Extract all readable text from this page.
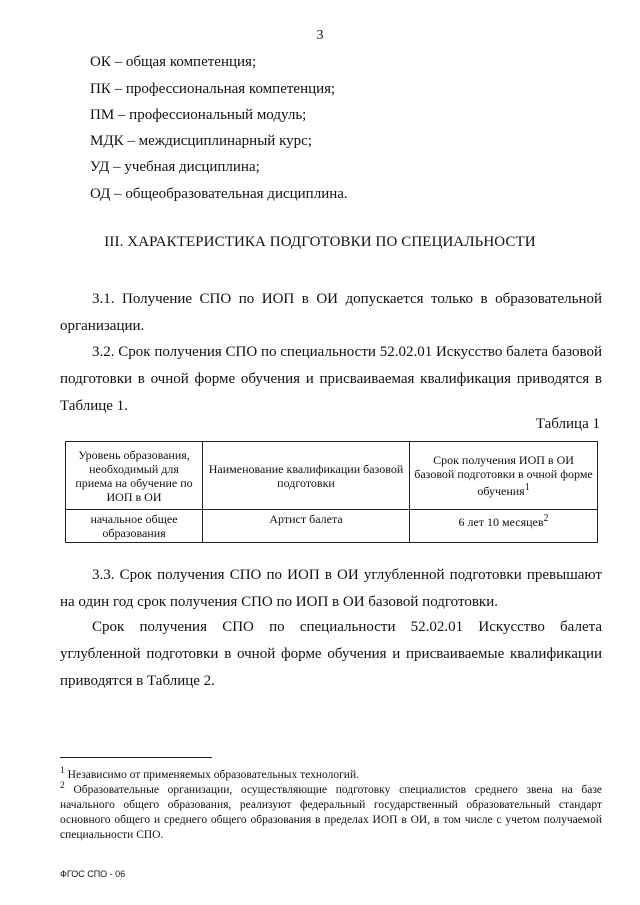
3
ОК – общая компетенция;
ПК – профессиональная компетенция;
ПМ – профессиональный модуль;
МДК – междисциплинарный курс;
УД – учебная дисциплина;
ОД – общеобразовательная дисциплина.
III. ХАРАКТЕРИСТИКА ПОДГОТОВКИ ПО СПЕЦИАЛЬНОСТИ
3.1. Получение СПО по ИОП в ОИ допускается только в образовательной организации.
3.2. Срок получения СПО по специальности 52.02.01 Искусство балета базовой подготовки в очной форме обучения и присваиваемая квалификация приводятся в Таблице 1.
Таблица 1
Уровень образования, необходимый для приема на обучение по ИОП в ОИ	Наименование квалификации базовой подготовки	Срок получения ИОП в ОИ базовой подготовки в очной форме обучения$^1$
начальное общее образования	Артист балета	6 лет 10 месяцев$^2$
3.3. Срок получения СПО по ИОП в ОИ углубленной подготовки превышают на один год срок получения СПО по ИОП в ОИ базовой подготовки.
Срок получения СПО по специальности 52.02.01 Искусство балета углубленной подготовки в очной форме обучения и присваиваемые квалификации приводятся в Таблице 2.
$^1$ Независимо от применяемых образовательных технологий.
$^2$ Образовательные организации, осуществляющие подготовку специалистов среднего звена на базе начального общего образования, реализуют федеральный государственный образовательный стандарт основного общего и среднего общего образования в пределах ИОП в ОИ, в том числе с учетом получаемой специальности СПО.
ФГОС СПО - 06
